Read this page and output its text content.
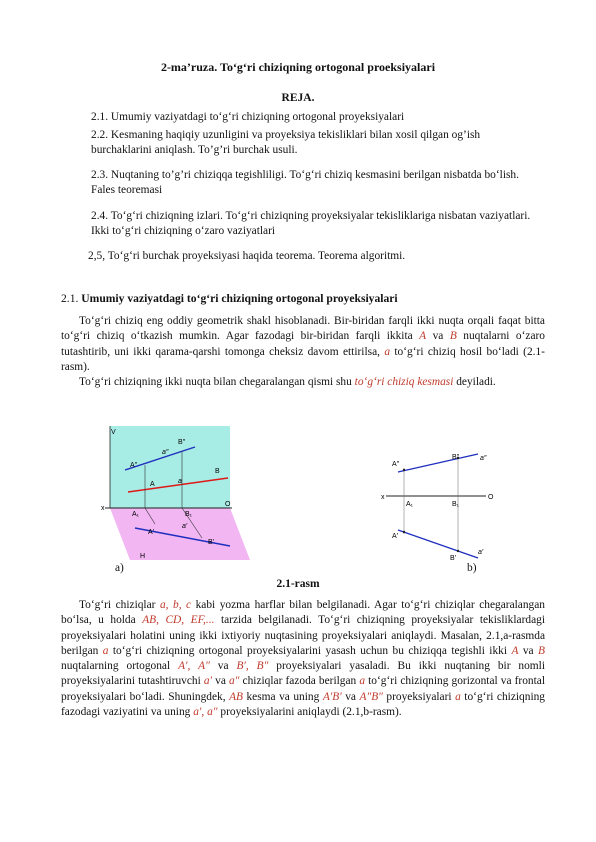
2-ma’ruza. To‘g‘ri chiziqning ortogonal proeksiyalari
REJA.
2.1. Umumiy vaziyatdagi to‘g‘ri chiziqning ortogonal proyeksiyalari
2.2. Kesmaning haqiqiy uzunligini va proyeksiya tekisliklari bilan xosil qilgan og’ish burchaklarini aniqlash. To’g’ri burchak usuli.
2.3. Nuqtaning to’g’ri chiziqqa tegishliligi. To‘g‘ri chiziq kesmasini berilgan nisbatda bo‘lish. Fales teoremasi
2.4. To‘g‘ri chiziqning izlari. To‘g‘ri chiziqning proyeksiyalar tekisliklariga nisbatan vaziyatlari. Ikki to‘g‘ri chiziqning o‘zaro vaziyatlari
2,5, To‘g‘ri burchak proyeksiyasi haqida teorema. Teorema algoritmi.
2.1. Umumiy vaziyatdagi to‘g‘ri chiziqning ortogonal proyeksiyalari

To‘g‘ri chiziq eng oddiy geometrik shakl hisoblanadi. Bir-biridan farqli ikki nuqta orqali faqat bitta to‘g‘ri chiziq o‘tkazish mumkin. Agar fazodagi bir-biridan farqli ikkita A va B nuqtalarni o‘zaro tutashtirib, uni ikki qarama-qarshi tomonga cheksiz davom ettirilsa, a to‘g‘ri chiziq hosil bo‘ladi (2.1-rasm).

To‘g‘ri chiziqning ikki nuqta bilan chegaralangan qismi shu to‘g‘ri chiziq kesmasi deyiladi.

V
x
O
H
A″
B″
a″
A	a
B
A₁	B₁
A′
a′
B′
x	O
A₁	B₁
A″
B″	a″
A′
B′
a′
a)	b)
2.1-rasm

To‘g‘ri chiziqlar a, b, c kabi yozma harflar bilan belgilanadi. Agar to‘g‘ri chiziqlar chegaralangan bo‘lsa, u holda AB, CD, EF,... tarzida belgilanadi. To‘g‘ri chiziqning proyeksiyalar tekisliklardagi proyeksiyalari holatini uning ikki ixtiyoriy nuqtasining proyeksiyalari aniqlaydi. Masalan, 2.1,a-rasmda berilgan a to‘g‘ri chiziqning ortogonal proyeksiyalarini yasash uchun bu chiziqqa tegishli ikki A va B nuqtalarning ortogonal A′, A″ va B′, B″ proyeksiyalari yasaladi. Bu ikki nuqtaning bir nomli proyeksiyalarini tutashtiruvchi a′ va a″ chiziqlar fazoda berilgan a to‘g‘ri chiziqning gorizontal va frontal proyeksiyalari bo‘ladi. Shuningdek, AB kesma va uning A′B′ va A″B″ proyeksiyalari a to‘g‘ri chiziqning fazodagi vaziyatini va uning a′, a″ proyeksiyalarini aniqlaydi (2.1,b-rasm).
